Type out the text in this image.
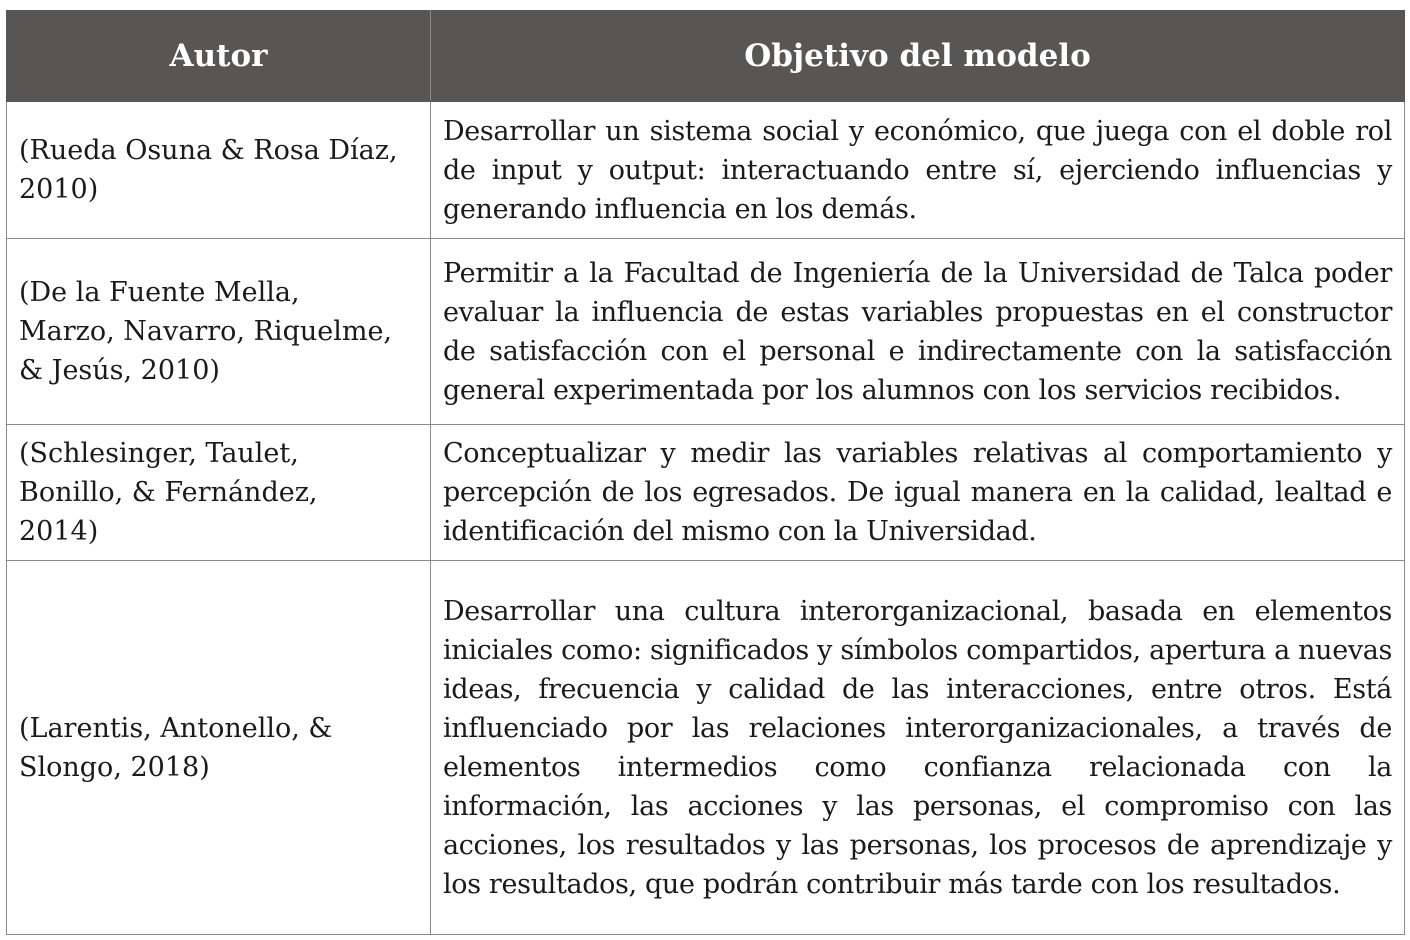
Autor	Objetivo del modelo
(Rueda Osuna & Rosa Díaz, 2010)	Desarrollar un sistema social y económico, que juega con el doble rol de input y output: interactuando entre sí, ejerciendo influencias y generando influencia en los demás.
(De la Fuente Mella, Marzo, Navarro, Riquelme, & Jesús, 2010)	Permitir a la Facultad de Ingeniería de la Universidad de Talca poder evaluar la influencia de estas variables propuestas en el constructor de satisfacción con el personal e indirectamente con la satisfacción general experimentada por los alumnos con los servicios recibidos.
(Schlesinger, Taulet, Bonillo, & Fernández, 2014)	Conceptualizar y medir las variables relativas al comportamiento y percepción de los egresados. De igual manera en la calidad, lealtad e identificación del mismo con la Universidad.
(Larentis, Antonello, & Slongo, 2018)	Desarrollar una cultura interorganizacional, basada en elementos iniciales como: significados y símbolos compartidos, apertura a nuevas ideas, frecuencia y calidad de las interacciones, entre otros. Está influenciado por las relaciones interorganizacionales, a través de elementos intermedios como confianza relacionada con la información, las acciones y las personas, el compromiso con las acciones, los resultados y las personas, los procesos de aprendizaje y los resultados, que podrán contribuir más tarde con los resultados.
